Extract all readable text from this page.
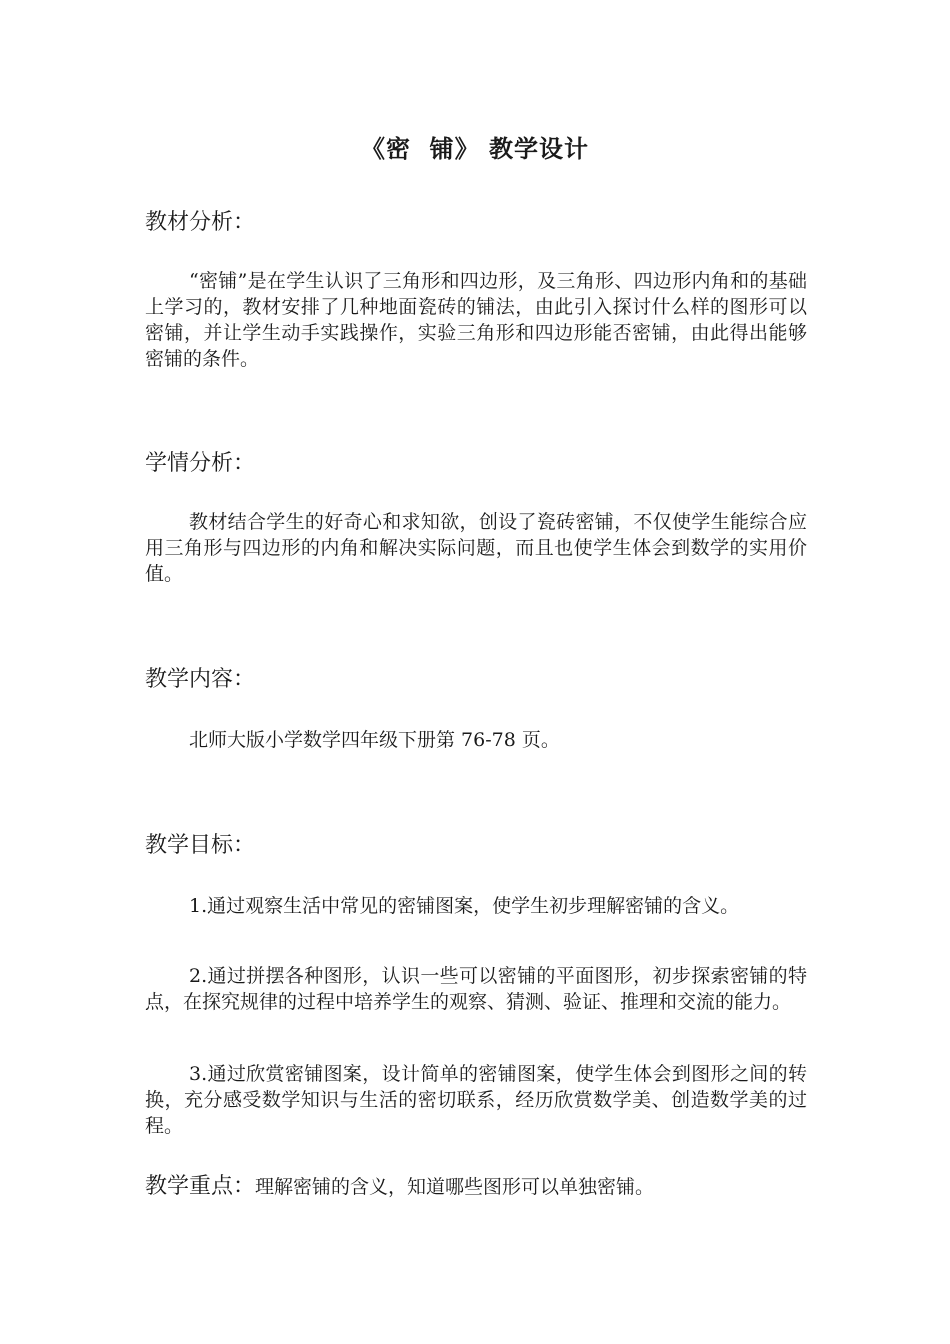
《密  铺》 教学设计
教材分析：

“密铺”是在学生认识了三角形和四边形，及三角形、四边形内角和的基础上学习的，教材安排了几种地面瓷砖的铺法，由此引入探讨什么样的图形可以密铺，并让学生动手实践操作，实验三角形和四边形能否密铺，由此得出能够密铺的条件。

学情分析：

教材结合学生的好奇心和求知欲，创设了瓷砖密铺，不仅使学生能综合应用三角形与四边形的内角和解决实际问题，而且也使学生体会到数学的实用价值。

教学内容：

北师大版小学数学四年级下册第 76-78 页。

教学目标：

1.通过观察生活中常见的密铺图案，使学生初步理解密铺的含义。

2.通过拼摆各种图形，认识一些可以密铺的平面图形，初步探索密铺的特点，在探究规律的过程中培养学生的观察、猜测、验证、推理和交流的能力。

3.通过欣赏密铺图案，设计简单的密铺图案，使学生体会到图形之间的转换，充分感受数学知识与生活的密切联系，经历欣赏数学美、创造数学美的过程。

教学重点：理解密铺的含义，知道哪些图形可以单独密铺。
